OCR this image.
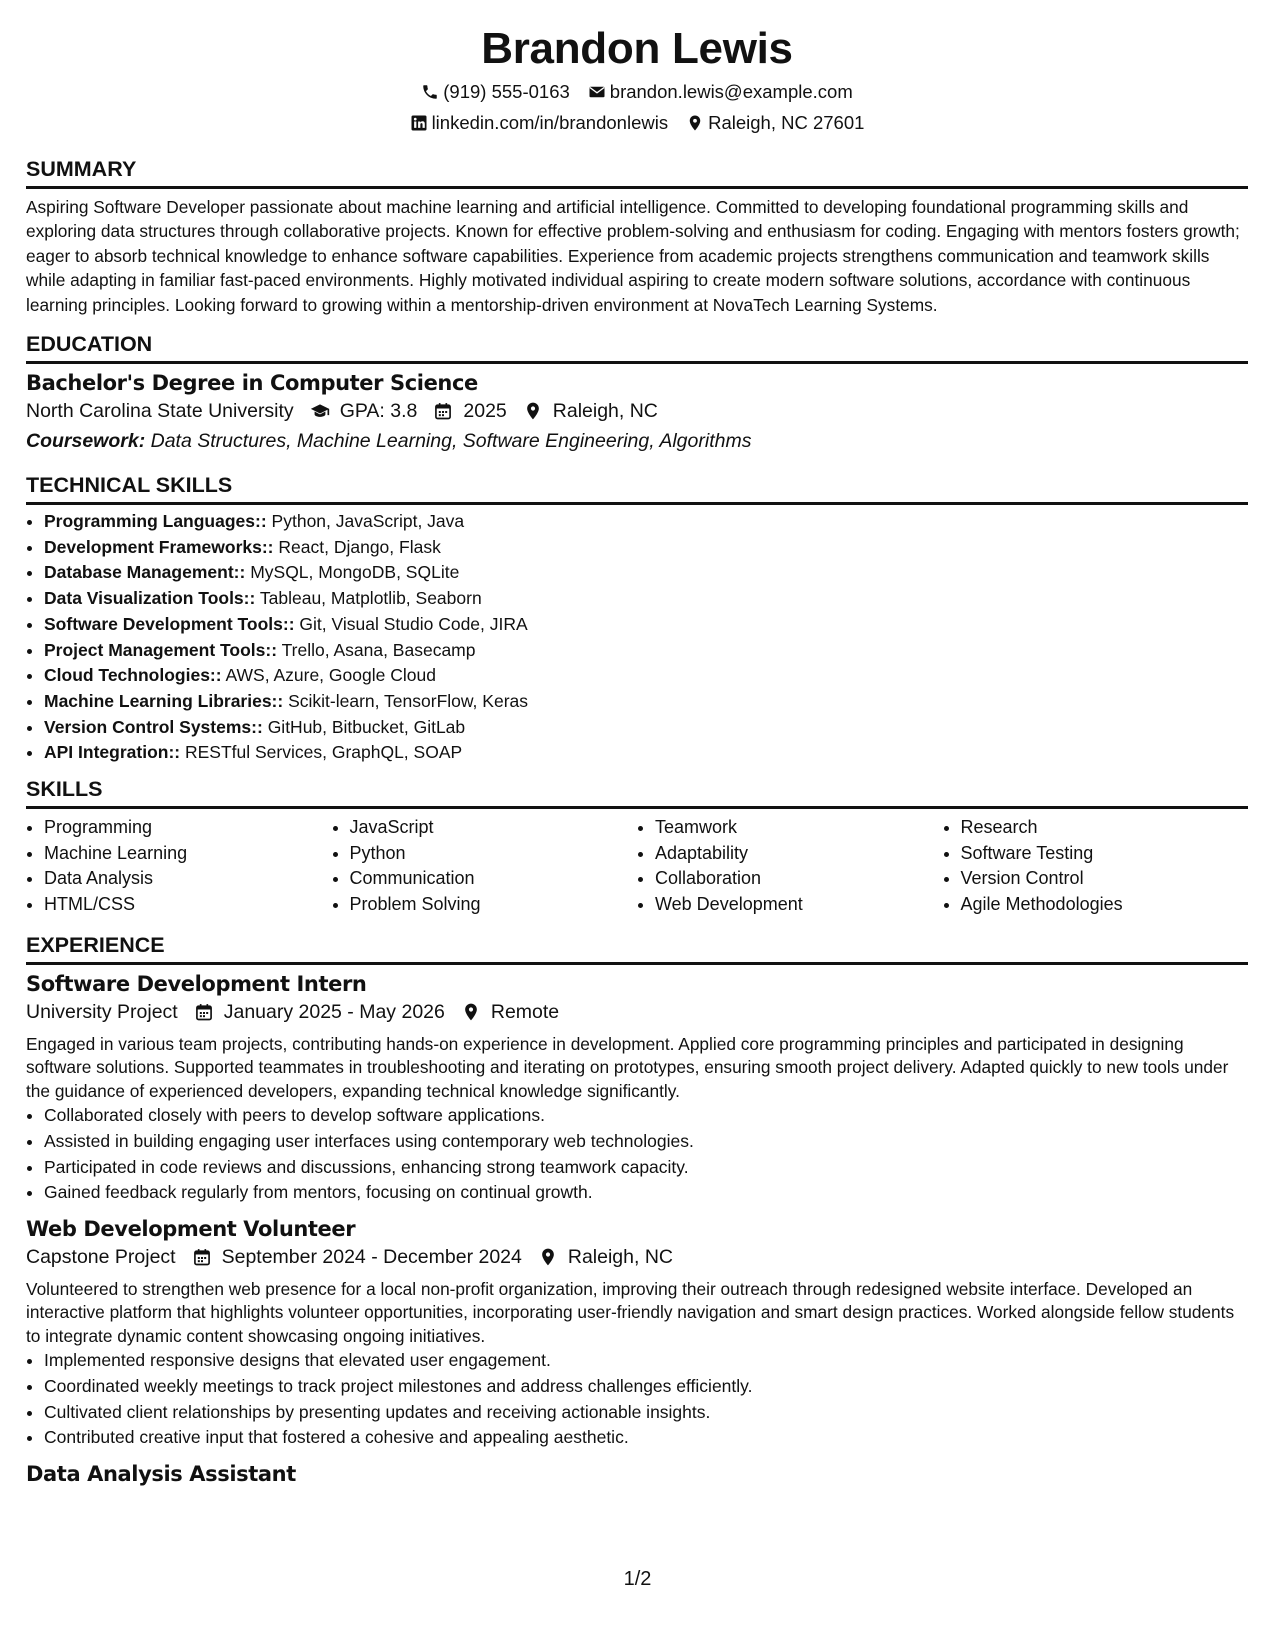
Brandon Lewis
(919) 555-0163 brandon.lewis@example.com
linkedin.com/in/brandonlewis Raleigh, NC 27601
SUMMARY
Aspiring Software Developer passionate about machine learning and artificial intelligence. Committed to developing foundational programming skills and exploring data structures through collaborative projects. Known for effective problem-solving and enthusiasm for coding. Engaging with mentors fosters growth; eager to absorb technical knowledge to enhance software capabilities. Experience from academic projects strengthens communication and teamwork skills while adapting in familiar fast-paced environments. Highly motivated individual aspiring to create modern software solutions, accordance with continuous learning principles. Looking forward to growing within a mentorship-driven environment at NovaTech Learning Systems.
EDUCATION
Bachelor's Degree in Computer Science
North Carolina State University GPA: 3.8 2025 Raleigh, NC
Coursework: Data Structures, Machine Learning, Software Engineering, Algorithms
TECHNICAL SKILLS
• Programming Languages:: Python, JavaScript, Java
• Development Frameworks:: React, Django, Flask
• Database Management:: MySQL, MongoDB, SQLite
• Data Visualization Tools:: Tableau, Matplotlib, Seaborn
• Software Development Tools:: Git, Visual Studio Code, JIRA
• Project Management Tools:: Trello, Asana, Basecamp
• Cloud Technologies:: AWS, Azure, Google Cloud
• Machine Learning Libraries:: Scikit-learn, TensorFlow, Keras
• Version Control Systems:: GitHub, Bitbucket, GitLab
• API Integration:: RESTful Services, GraphQL, SOAP
SKILLS
• Programming
• Machine Learning
• Data Analysis
• HTML/CSS
• JavaScript
• Python
• Communication
• Problem Solving
• Teamwork
• Adaptability
• Collaboration
• Web Development
• Research
• Software Testing
• Version Control
• Agile Methodologies
EXPERIENCE
Software Development Intern
University Project January 2025 - May 2026 Remote
Engaged in various team projects, contributing hands-on experience in development. Applied core programming principles and participated in designing software solutions. Supported teammates in troubleshooting and iterating on prototypes, ensuring smooth project delivery. Adapted quickly to new tools under the guidance of experienced developers, expanding technical knowledge significantly.
• Collaborated closely with peers to develop software applications.
• Assisted in building engaging user interfaces using contemporary web technologies.
• Participated in code reviews and discussions, enhancing strong teamwork capacity.
• Gained feedback regularly from mentors, focusing on continual growth.
Web Development Volunteer
Capstone Project September 2024 - December 2024 Raleigh, NC
Volunteered to strengthen web presence for a local non-profit organization, improving their outreach through redesigned website interface. Developed an interactive platform that highlights volunteer opportunities, incorporating user-friendly navigation and smart design practices. Worked alongside fellow students to integrate dynamic content showcasing ongoing initiatives.
• Implemented responsive designs that elevated user engagement.
• Coordinated weekly meetings to track project milestones and address challenges efficiently.
• Cultivated client relationships by presenting updates and receiving actionable insights.
• Contributed creative input that fostered a cohesive and appealing aesthetic.
Data Analysis Assistant
1/2
